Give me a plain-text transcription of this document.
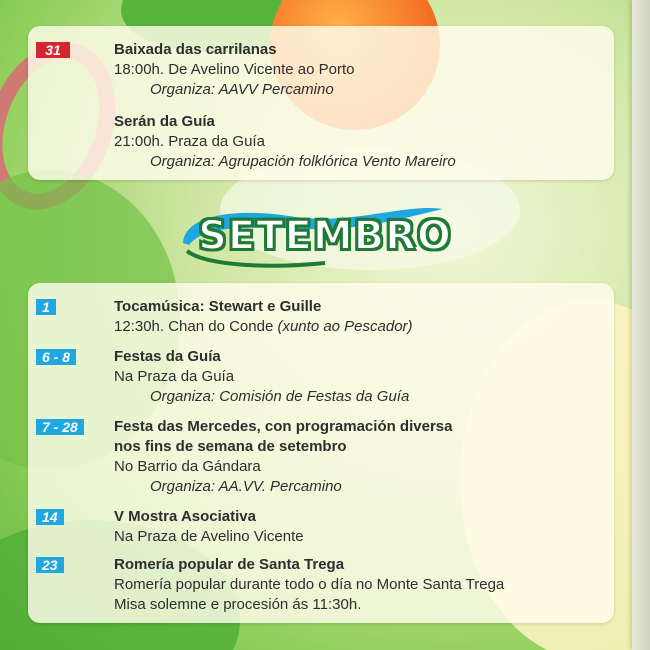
31	Baixada das carrilanas
18:00h. De Avelino Vicente ao Porto
Organiza: AAVV Percamino
Serán da Guía
21:00h. Praza da Guía
Organiza: Agrupación folklórica Vento Mareiro
SETEMBRO
1	Tocamúsica: Stewart e Guille
12:30h. Chan do Conde (xunto ao Pescador)
6 - 8	Festas da Guía
Na Praza da Guía
Organiza: Comisión de Festas da Guía
7 - 28	Festa das Mercedes, con programación diversa
nos fins de semana de setembro
No Barrio da Gándara
Organiza: AA.VV. Percamino
14	V Mostra Asociativa
Na Praza de Avelino Vicente
23	Romería popular de Santa Trega
Romería popular durante todo o día no Monte Santa Trega
Misa solemne e procesión ás 11:30h.
